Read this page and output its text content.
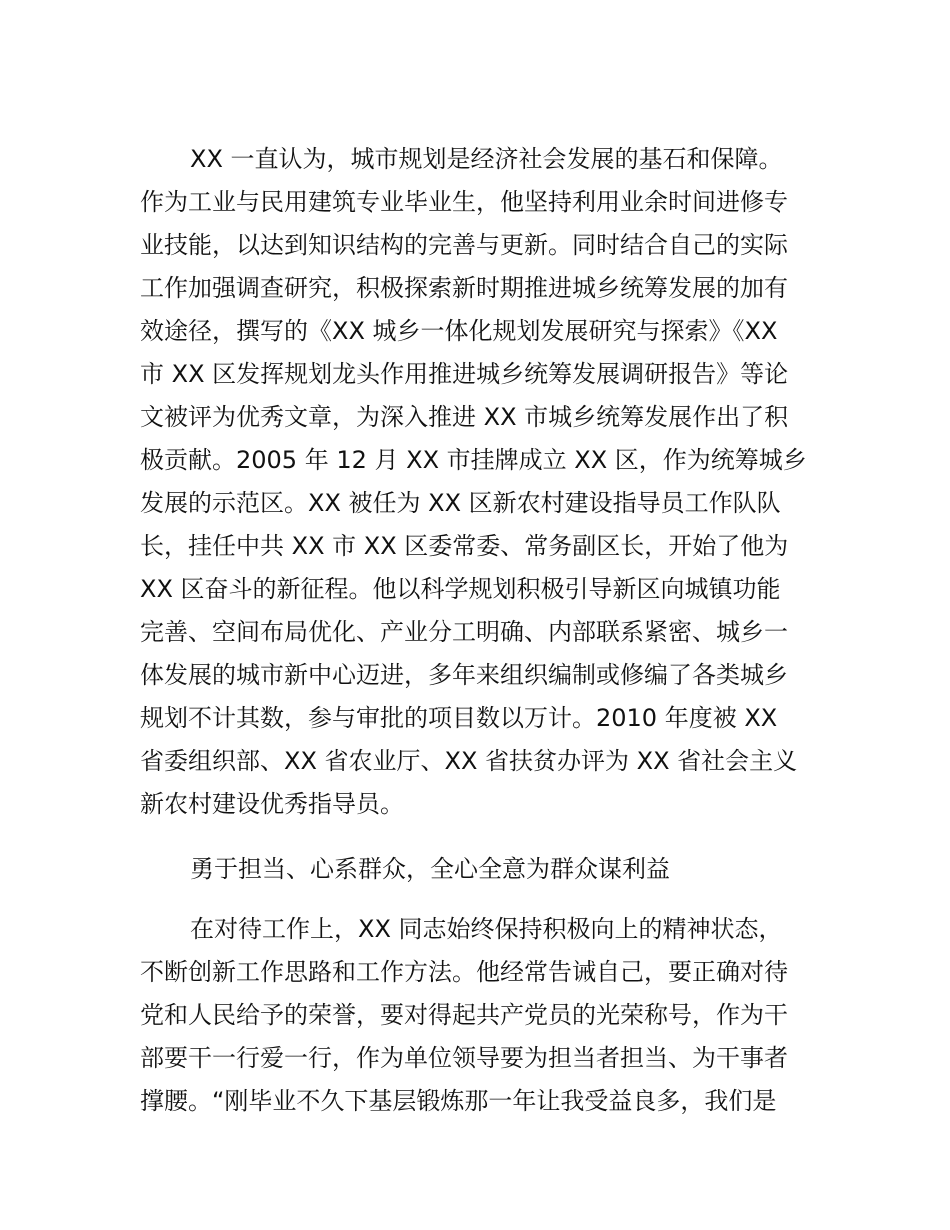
XX 一直认为，城市规划是经济社会发展的基石和保障。
作为工业与民用建筑专业毕业生，他坚持利用业余时间进修专
业技能，以达到知识结构的完善与更新。同时结合自己的实际
工作加强调查研究，积极探索新时期推进城乡统筹发展的加有
效途径，撰写的《XX 城乡一体化规划发展研究与探索》《XX
市 XX 区发挥规划龙头作用推进城乡统筹发展调研报告》等论
文被评为优秀文章，为深入推进 XX 市城乡统筹发展作出了积
极贡献。2005 年 12 月 XX 市挂牌成立 XX 区，作为统筹城乡
发展的示范区。XX 被任为 XX 区新农村建设指导员工作队队
长，挂任中共 XX 市 XX 区委常委、常务副区长，开始了他为
XX 区奋斗的新征程。他以科学规划积极引导新区向城镇功能
完善、空间布局优化、产业分工明确、内部联系紧密、城乡一
体发展的城市新中心迈进，多年来组织编制或修编了各类城乡
规划不计其数，参与审批的项目数以万计。2010 年度被 XX
省委组织部、XX 省农业厅、XX 省扶贫办评为 XX 省社会主义
新农村建设优秀指导员。
勇于担当、心系群众，全心全意为群众谋利益
在对待工作上，XX 同志始终保持积极向上的精神状态，
不断创新工作思路和工作方法。他经常告诫自己，要正确对待
党和人民给予的荣誉，要对得起共产党员的光荣称号，作为干
部要干一行爱一行，作为单位领导要为担当者担当、为干事者
撑腰。“刚毕业不久下基层锻炼那一年让我受益良多，我们是
